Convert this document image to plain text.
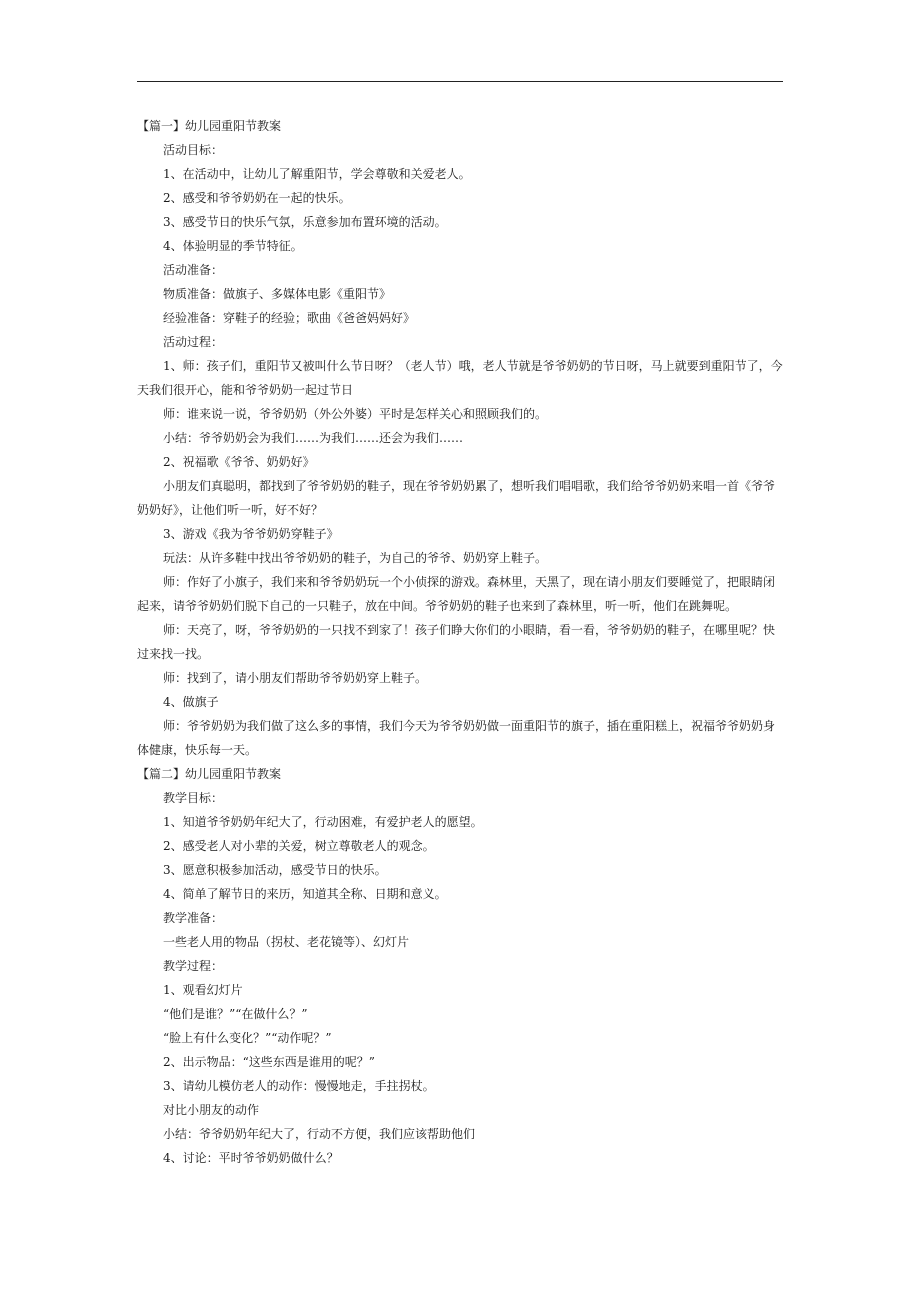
【篇一】幼儿园重阳节教案

活动目标：

1、在活动中，让幼儿了解重阳节，学会尊敬和关爱老人。

2、感受和爷爷奶奶在一起的快乐。

3、感受节日的快乐气氛，乐意参加布置环境的活动。

4、体验明显的季节特征。

活动准备：

物质准备：做旗子、多媒体电影《重阳节》

经验准备：穿鞋子的经验；歌曲《爸爸妈妈好》

活动过程：

1、师：孩子们，重阳节又被叫什么节日呀？（老人节）哦，老人节就是爷爷奶奶的节日呀，马上就要到重阳节了，今天我们很开心，能和爷爷奶奶一起过节日

师：谁来说一说，爷爷奶奶（外公外婆）平时是怎样关心和照顾我们的。

小结：爷爷奶奶会为我们……为我们……还会为我们……

2、祝福歌《爷爷、奶奶好》

小朋友们真聪明，都找到了爷爷奶奶的鞋子，现在爷爷奶奶累了，想听我们唱唱歌，我们给爷爷奶奶来唱一首《爷爷奶奶好》，让他们听一听，好不好？

3、游戏《我为爷爷奶奶穿鞋子》

玩法：从许多鞋中找出爷爷奶奶的鞋子，为自己的爷爷、奶奶穿上鞋子。

师：作好了小旗子，我们来和爷爷奶奶玩一个小侦探的游戏。森林里，天黑了，现在请小朋友们要睡觉了，把眼睛闭起来，请爷爷奶奶们脱下自己的一只鞋子，放在中间。爷爷奶奶的鞋子也来到了森林里，听一听，他们在跳舞呢。

师：天亮了，呀，爷爷奶奶的一只找不到家了！孩子们睁大你们的小眼睛，看一看，爷爷奶奶的鞋子，在哪里呢？快过来找一找。

师：找到了，请小朋友们帮助爷爷奶奶穿上鞋子。

4、做旗子

师：爷爷奶奶为我们做了这么多的事情，我们今天为爷爷奶奶做一面重阳节的旗子，插在重阳糕上，祝福爷爷奶奶身体健康，快乐每一天。

【篇二】幼儿园重阳节教案

教学目标：

1、知道爷爷奶奶年纪大了，行动困难，有爱护老人的愿望。

2、感受老人对小辈的关爱，树立尊敬老人的观念。

3、愿意积极参加活动，感受节日的快乐。

4、简单了解节日的来历，知道其全称、日期和意义。

教学准备：

一些老人用的物品（拐杖、老花镜等）、幻灯片

教学过程：

1、观看幻灯片

“他们是谁？”“在做什么？”

“脸上有什么变化？”“动作呢？”

2、出示物品：“这些东西是谁用的呢？”

3、请幼儿模仿老人的动作：慢慢地走，手拄拐杖。

对比小朋友的动作

小结：爷爷奶奶年纪大了，行动不方便，我们应该帮助他们

4、讨论：平时爷爷奶奶做什么？
